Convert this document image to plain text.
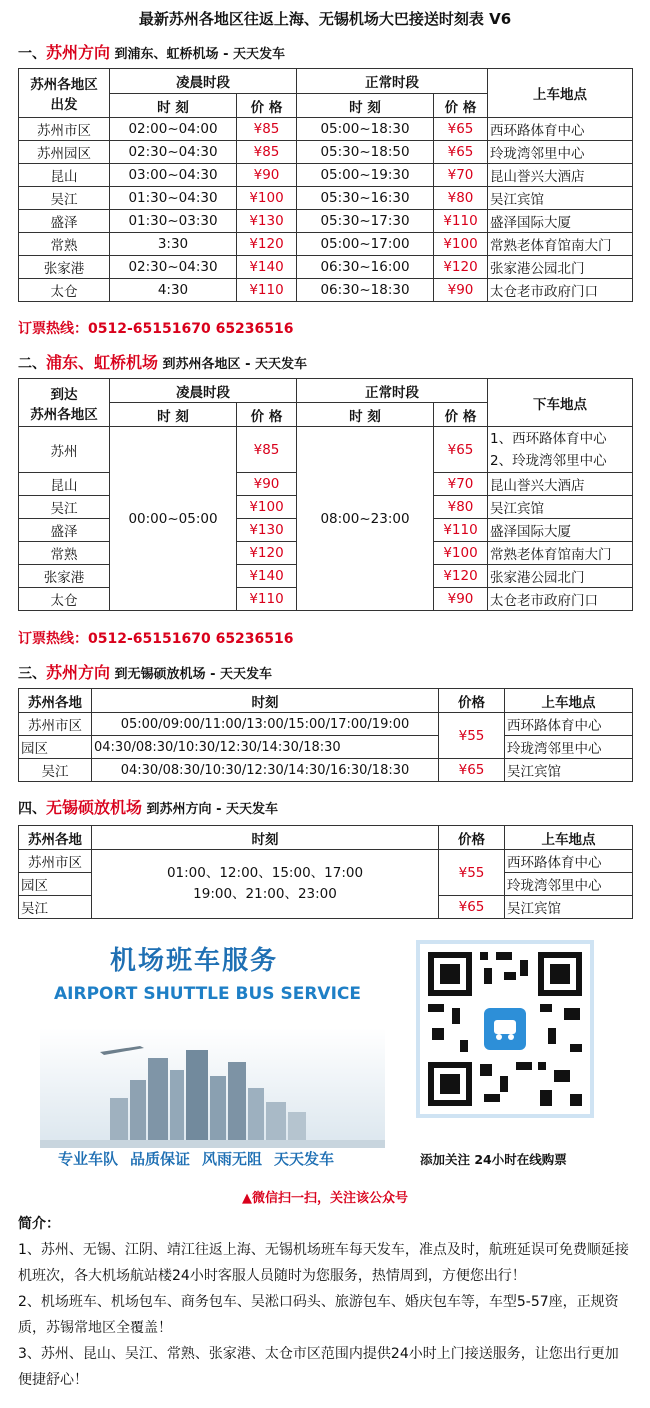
最新苏州各地区往返上海、无锡机场大巴接送时刻表 V6
一、苏州方向 到浦东、虹桥机场 - 天天发车
苏州各地区
出发	凌晨时段		正常时段		上车地点
	时 刻	价 格	时 刻	价 格	
苏州市区	02:00~04:00	¥85	05:00~18:30	¥65	西环路体育中心
苏州园区	02:30~04:30	¥85	05:30~18:50	¥65	玲珑湾邻里中心
昆山	03:00~04:30	¥90	05:00~19:30	¥70	昆山誉兴大酒店
吴江	01:30~04:30	¥100	05:30~16:30	¥80	吴江宾馆
盛泽	01:30~03:30	¥130	05:30~17:30	¥110	盛泽国际大厦
常熟	3:30	¥120	05:00~17:00	¥100	常熟老体育馆南大门
张家港	02:30~04:30	¥140	06:30~16:00	¥120	张家港公园北门
太仓	4:30	¥110	06:30~18:30	¥90	太仓老市政府门口
订票热线：0512-65151670 65236516
二、浦东、虹桥机场 到苏州各地区 - 天天发车
到达
苏州各地区	凌晨时段		正常时段		下车地点
	时 刻	价 格	时 刻	价 格	
苏州	00:00~05:00	¥85	08:00~23:00	¥65	1、西环路体育中心
2、玲珑湾邻里中心
昆山		¥90		¥70	昆山誉兴大酒店
吴江		¥100		¥80	吴江宾馆
盛泽		¥130		¥110	盛泽国际大厦
常熟		¥120		¥100	常熟老体育馆南大门
张家港		¥140		¥120	张家港公园北门
太仓		¥110		¥90	太仓老市政府门口
订票热线：0512-65151670 65236516
三、苏州方向 到无锡硕放机场 - 天天发车
苏州各地	时刻	价格	上车地点
苏州市区	05:00/09:00/11:00/13:00/15:00/17:00/19:00	¥55	西环路体育中心
园区	04:30/08:30/10:30/12:30/14:30/18:30		玲珑湾邻里中心
吴江	04:30/08:30/10:30/12:30/14:30/16:30/18:30	¥65	吴江宾馆
四、无锡硕放机场 到苏州方向 - 天天发车
苏州各地	时刻	价格	上车地点
苏州市区	01:00、12:00、15:00、17:00
19:00、21:00、23:00	¥55	西环路体育中心
园区			玲珑湾邻里中心
吴江		¥65	吴江宾馆
机场班车服务
AIRPORT SHUTTLE BUS SERVICE
专业车队 品质保证 风雨无阻 天天发车	添加关注 24小时在线购票
▲微信扫一扫，关注该公众号
简介：
1、苏州、无锡、江阴、靖江往返上海、无锡机场班车每天发车，准点及时，航班延误可免费顺延接机班次，各大机场航站楼24小时客服人员随时为您服务，热情周到，方便您出行！
2、机场班车、机场包车、商务包车、吴淞口码头、旅游包车、婚庆包车等，车型5-57座，正规资质，苏锡常地区全覆盖！
3、苏州、昆山、吴江、常熟、张家港、太仓市区范围内提供24小时上门接送服务，让您出行更加便捷舒心！
